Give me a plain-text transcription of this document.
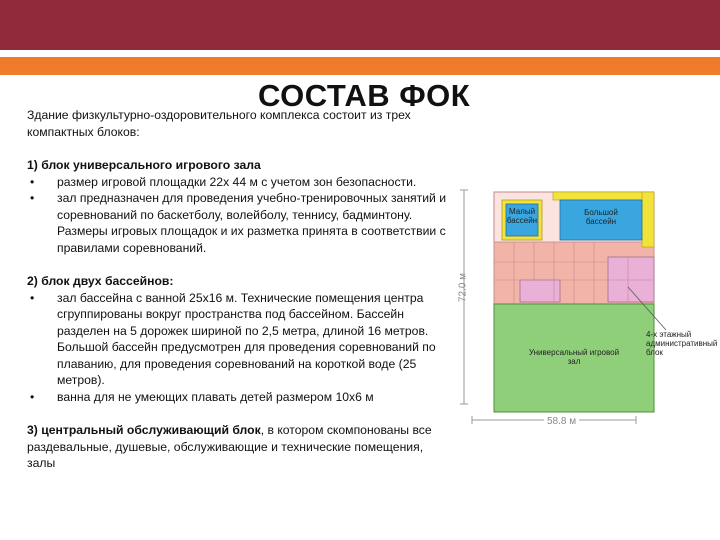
СОСТАВ ФОК

Здание физкультурно-оздоровительного комплекса состоит из трех компактных блоков:

1) блок универсального игрового зала

•	размер игровой площадки 22х 44 м с учетом зон безопасности.
•	зал предназначен для проведения учебно-тренировочных занятий и соревнований по баскетболу, волейболу, теннису, бадминтону. Размеры игровых площадок и их разметка принята в соответствии с правилами соревнований.

2) блок двух бассейнов:

•	зал бассейна с ванной 25х16 м. Технические помещения центра сгруппированы вокруг пространства под бассейном. Бассейн разделен на 5 дорожек шириной по 2,5 метра, длиной 16 метров. Большой бассейн предусмотрен для проведения соревнований по плаванию, для проведения соревнований на короткой воде (25 метров).
•	ванна для не умеющих плавать детей размером 10х6 м

3) центральный обслуживающий блок, в котором скомпонованы все раздевальные, душевые, обслуживающие и технические помещения, залы

Малый бассейн
Большой бассейн
Универсальный игровой зал
4-х этажный административный блок
72.0 м
58.8 м
